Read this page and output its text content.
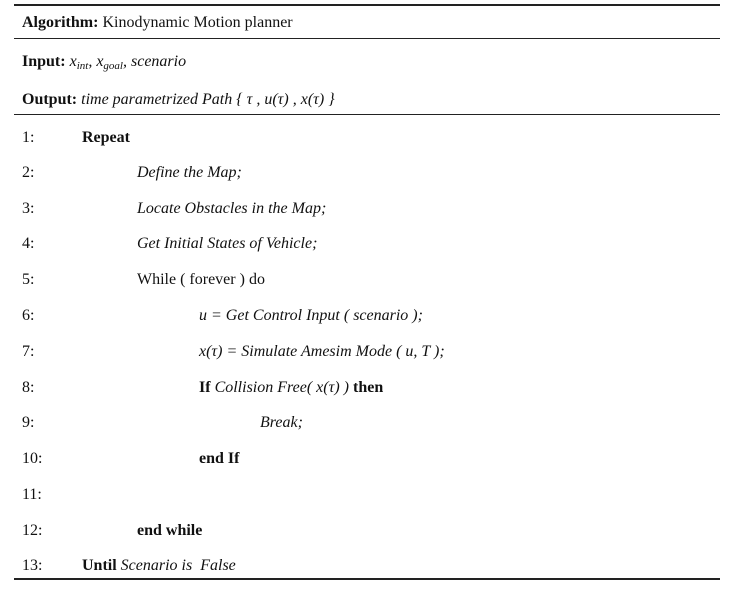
Algorithm: Kinodynamic Motion planner
Input: $x_{int}$, $x_{goal}$, scenario
Output: time parametrized Path { τ , u(τ) , x(τ) }
1:	Repeat
2:	Define the Map;
3:	Locate Obstacles in the Map;
4:	Get Initial States of Vehicle;
5:	While ( forever ) do
6:	u = Get Control Input ( scenario );
7:	x(τ) = Simulate Amesim Mode ( u, T );
8:	If Collision Free( x(τ) ) then
9:	Break;
10:	end If
11:
12:	end while
13: Until Scenario is  False
